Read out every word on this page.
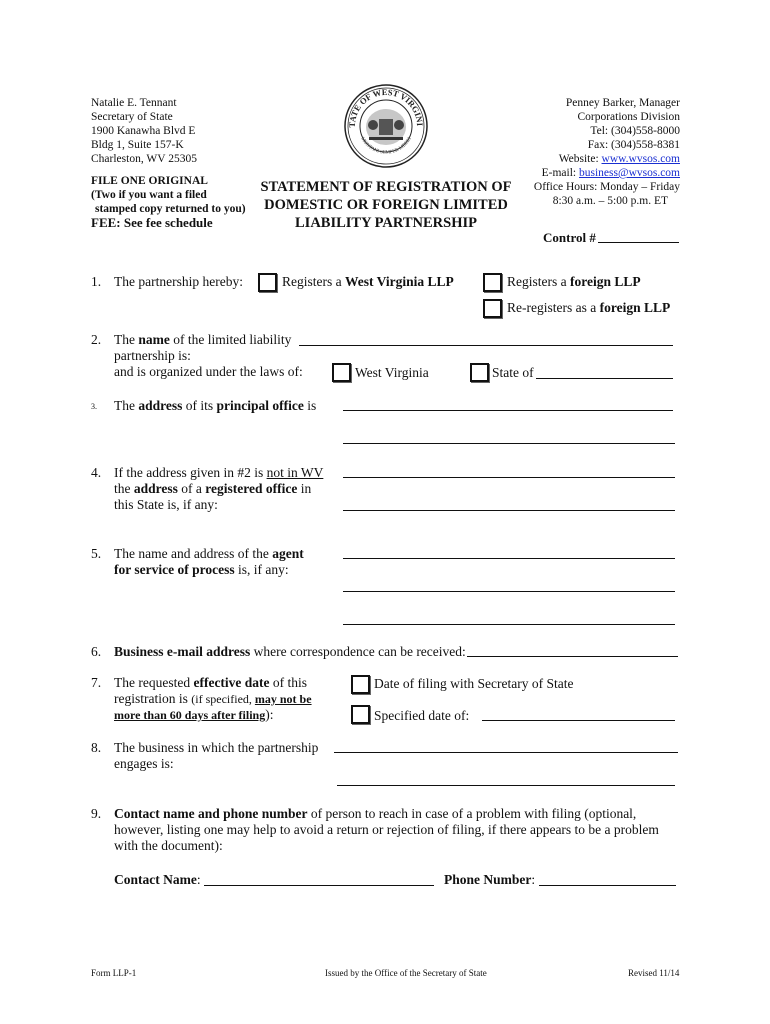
Natalie E. Tennant
Secretary of State
1900 Kanawha Blvd E
Bldg 1, Suite 157-K
Charleston, WV 25305
FILE ONE ORIGINAL
(Two if you want a filed
stamped copy returned to you)
FEE: See fee schedule
TATE OF WEST VIRGINI
MONTANI SEMPER LIBERI
STATEMENT OF REGISTRATION OF
DOMESTIC OR FOREIGN LIMITED
LIABILITY PARTNERSHIP
Penney Barker, Manager
Corporations Division
Tel: (304)558-8000
Fax: (304)558-8381
Website: www.wvsos.com
E-mail: business@wvsos.com
Office Hours: Monday – Friday
8:30 a.m. – 5:00 p.m. ET
Control #
1. The partnership hereby:	Registers a West Virginia LLP	Registers a foreign LLP
Re-registers as a foreign LLP
2. The name of the limited liability
partnership is:
and is organized under the laws of:	West Virginia	State of
3. The address of its principal office is
4. If the address given in #2 is not in WV
the address of a registered office in
this State is, if any:
5. The name and address of the agent
for service of process is, if any:
6. Business e-mail address where correspondence can be received:
7. The requested effective date of this
registration is (if specified, may not be
more than 60 days after filing):
Date of filing with Secretary of State
Specified date of:
8. The business in which the partnership
engages is:
9. Contact name and phone number of person to reach in case of a problem with filing (optional,
however, listing one may help to avoid a return or rejection of filing, if there appears to be a problem
with the document):
Contact Name:	Phone Number:
Form LLP-1	Issued by the Office of the Secretary of State	Revised 11/14
